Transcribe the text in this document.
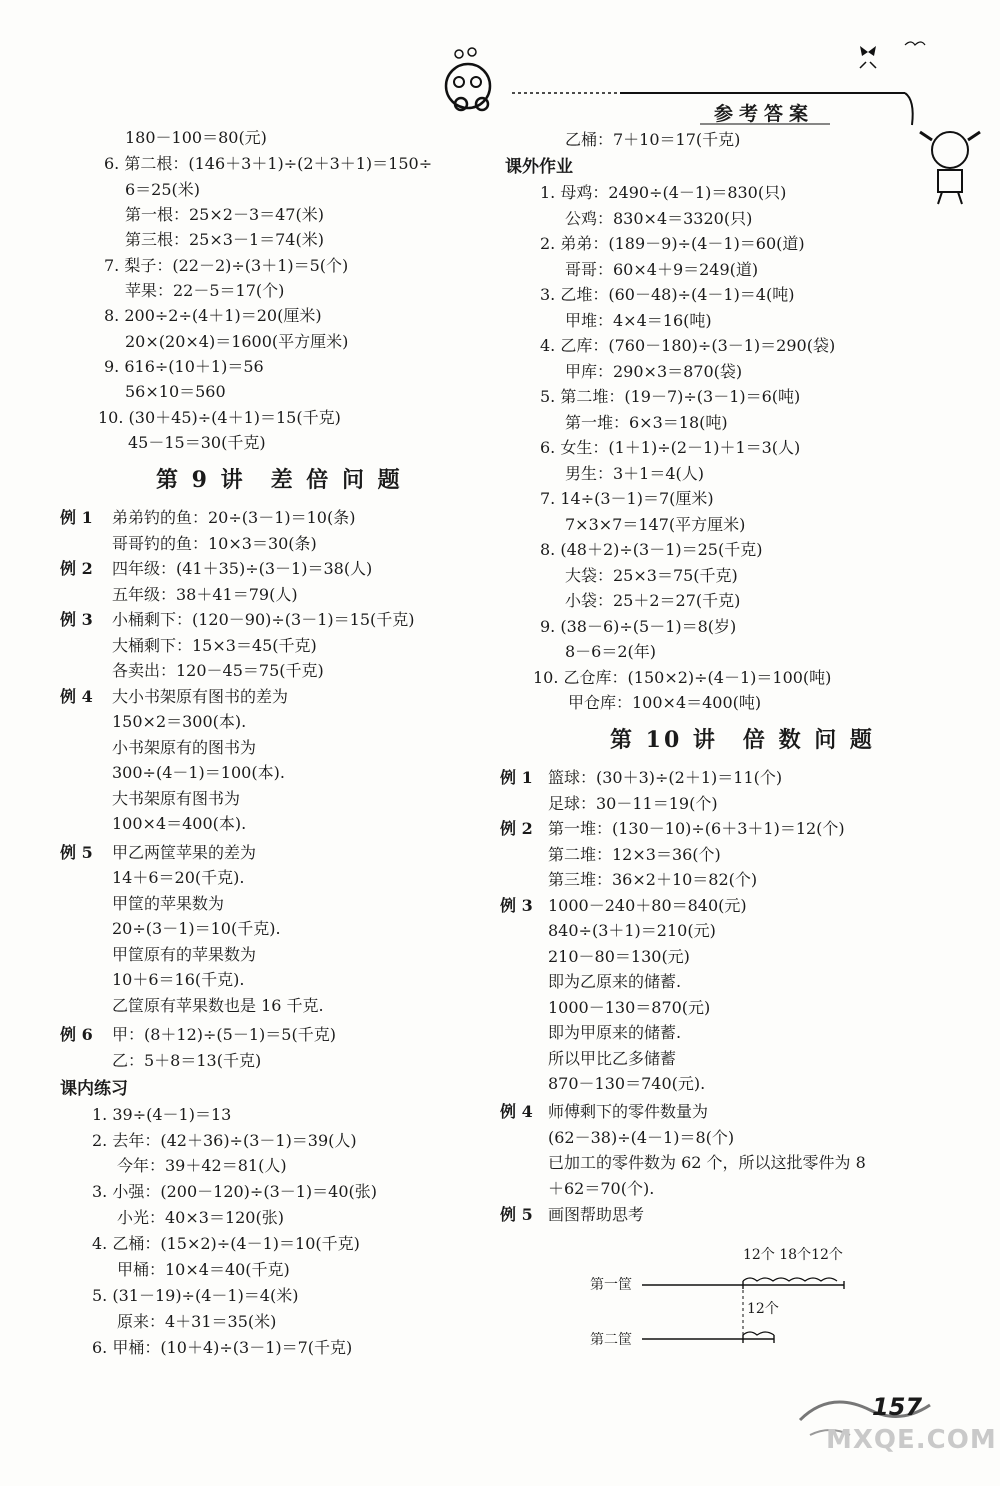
参考答案
180－100＝80(元)
6. 第二根：(146＋3＋1)÷(2＋3＋1)＝150÷
6＝25(米)
第一根：25×2－3＝47(米)
第三根：25×3－1＝74(米)
7. 梨子：(22－2)÷(3＋1)＝5(个)
苹果：22－5＝17(个)
8. 200÷2÷(4＋1)＝20(厘米)
20×(20×4)＝1600(平方厘米)
9. 616÷(10＋1)＝56
56×10＝560
10. (30＋45)÷(4＋1)＝15(千克)
45－15＝30(千克)
第 9 讲　差 倍 问 题
例 1 弟弟钓的鱼：20÷(3－1)＝10(条)
哥哥钓的鱼：10×3＝30(条)
例 2 四年级：(41＋35)÷(3－1)＝38(人)
五年级：38＋41＝79(人)
例 3 小桶剩下：(120－90)÷(3－1)＝15(千克)
大桶剩下：15×3＝45(千克)
各卖出：120－45＝75(千克)
例 4 大小书架原有图书的差为
150×2＝300(本).
小书架原有的图书为
300÷(4－1)＝100(本).
大书架原有图书为
100×4＝400(本).
例 5 甲乙两筐苹果的差为
14＋6＝20(千克).
甲筐的苹果数为
20÷(3－1)＝10(千克).
甲筐原有的苹果数为
10＋6＝16(千克).
乙筐原有苹果数也是 16 千克.
例 6 甲：(8＋12)÷(5－1)＝5(千克)
乙：5＋8＝13(千克)
课内练习
1. 39÷(4－1)＝13
2. 去年：(42＋36)÷(3－1)＝39(人)
今年：39＋42＝81(人)
3. 小强：(200－120)÷(3－1)＝40(张)
小光：40×3＝120(张)
4. 乙桶：(15×2)÷(4－1)＝10(千克)
甲桶：10×4＝40(千克)
5. (31－19)÷(4－1)＝4(米)
原来：4＋31＝35(米)
6. 甲桶：(10＋4)÷(3－1)＝7(千克)
乙桶：7＋10＝17(千克)
课外作业
1. 母鸡：2490÷(4－1)＝830(只)
公鸡：830×4＝3320(只)
2. 弟弟：(189－9)÷(4－1)＝60(道)
哥哥：60×4＋9＝249(道)
3. 乙堆：(60－48)÷(4－1)＝4(吨)
甲堆：4×4＝16(吨)
4. 乙库：(760－180)÷(3－1)＝290(袋)
甲库：290×3＝870(袋)
5. 第二堆：(19－7)÷(3－1)＝6(吨)
第一堆：6×3＝18(吨)
6. 女生：(1＋1)÷(2－1)＋1＝3(人)
男生：3＋1＝4(人)
7. 14÷(3－1)＝7(厘米)
7×3×7＝147(平方厘米)
8. (48＋2)÷(3－1)＝25(千克)
大袋：25×3＝75(千克)
小袋：25＋2＝27(千克)
9. (38－6)÷(5－1)＝8(岁)
8－6＝2(年)
10. 乙仓库：(150×2)÷(4－1)＝100(吨)
甲仓库：100×4＝400(吨)
第 10 讲　倍 数 问 题
例 1 篮球：(30＋3)÷(2＋1)＝11(个)
足球：30－11＝19(个)
例 2 第一堆：(130－10)÷(6＋3＋1)＝12(个)
第二堆：12×3＝36(个)
第三堆：36×2＋10＝82(个)
例 3 1000－240＋80＝840(元)
840÷(3＋1)＝210(元)
210－80＝130(元)
即为乙原来的储蓄.
1000－130＝870(元)
即为甲原来的储蓄.
所以甲比乙多储蓄
870－130＝740(元).
例 4 师傅剩下的零件数量为
(62－38)÷(4－1)＝8(个)
已加工的零件数为 62 个，所以这批零件为 8
＋62＝70(个).
例 5 画图帮助思考
12个 18个12个
第一筐
第二筐
12个
157
MXQE.COM
